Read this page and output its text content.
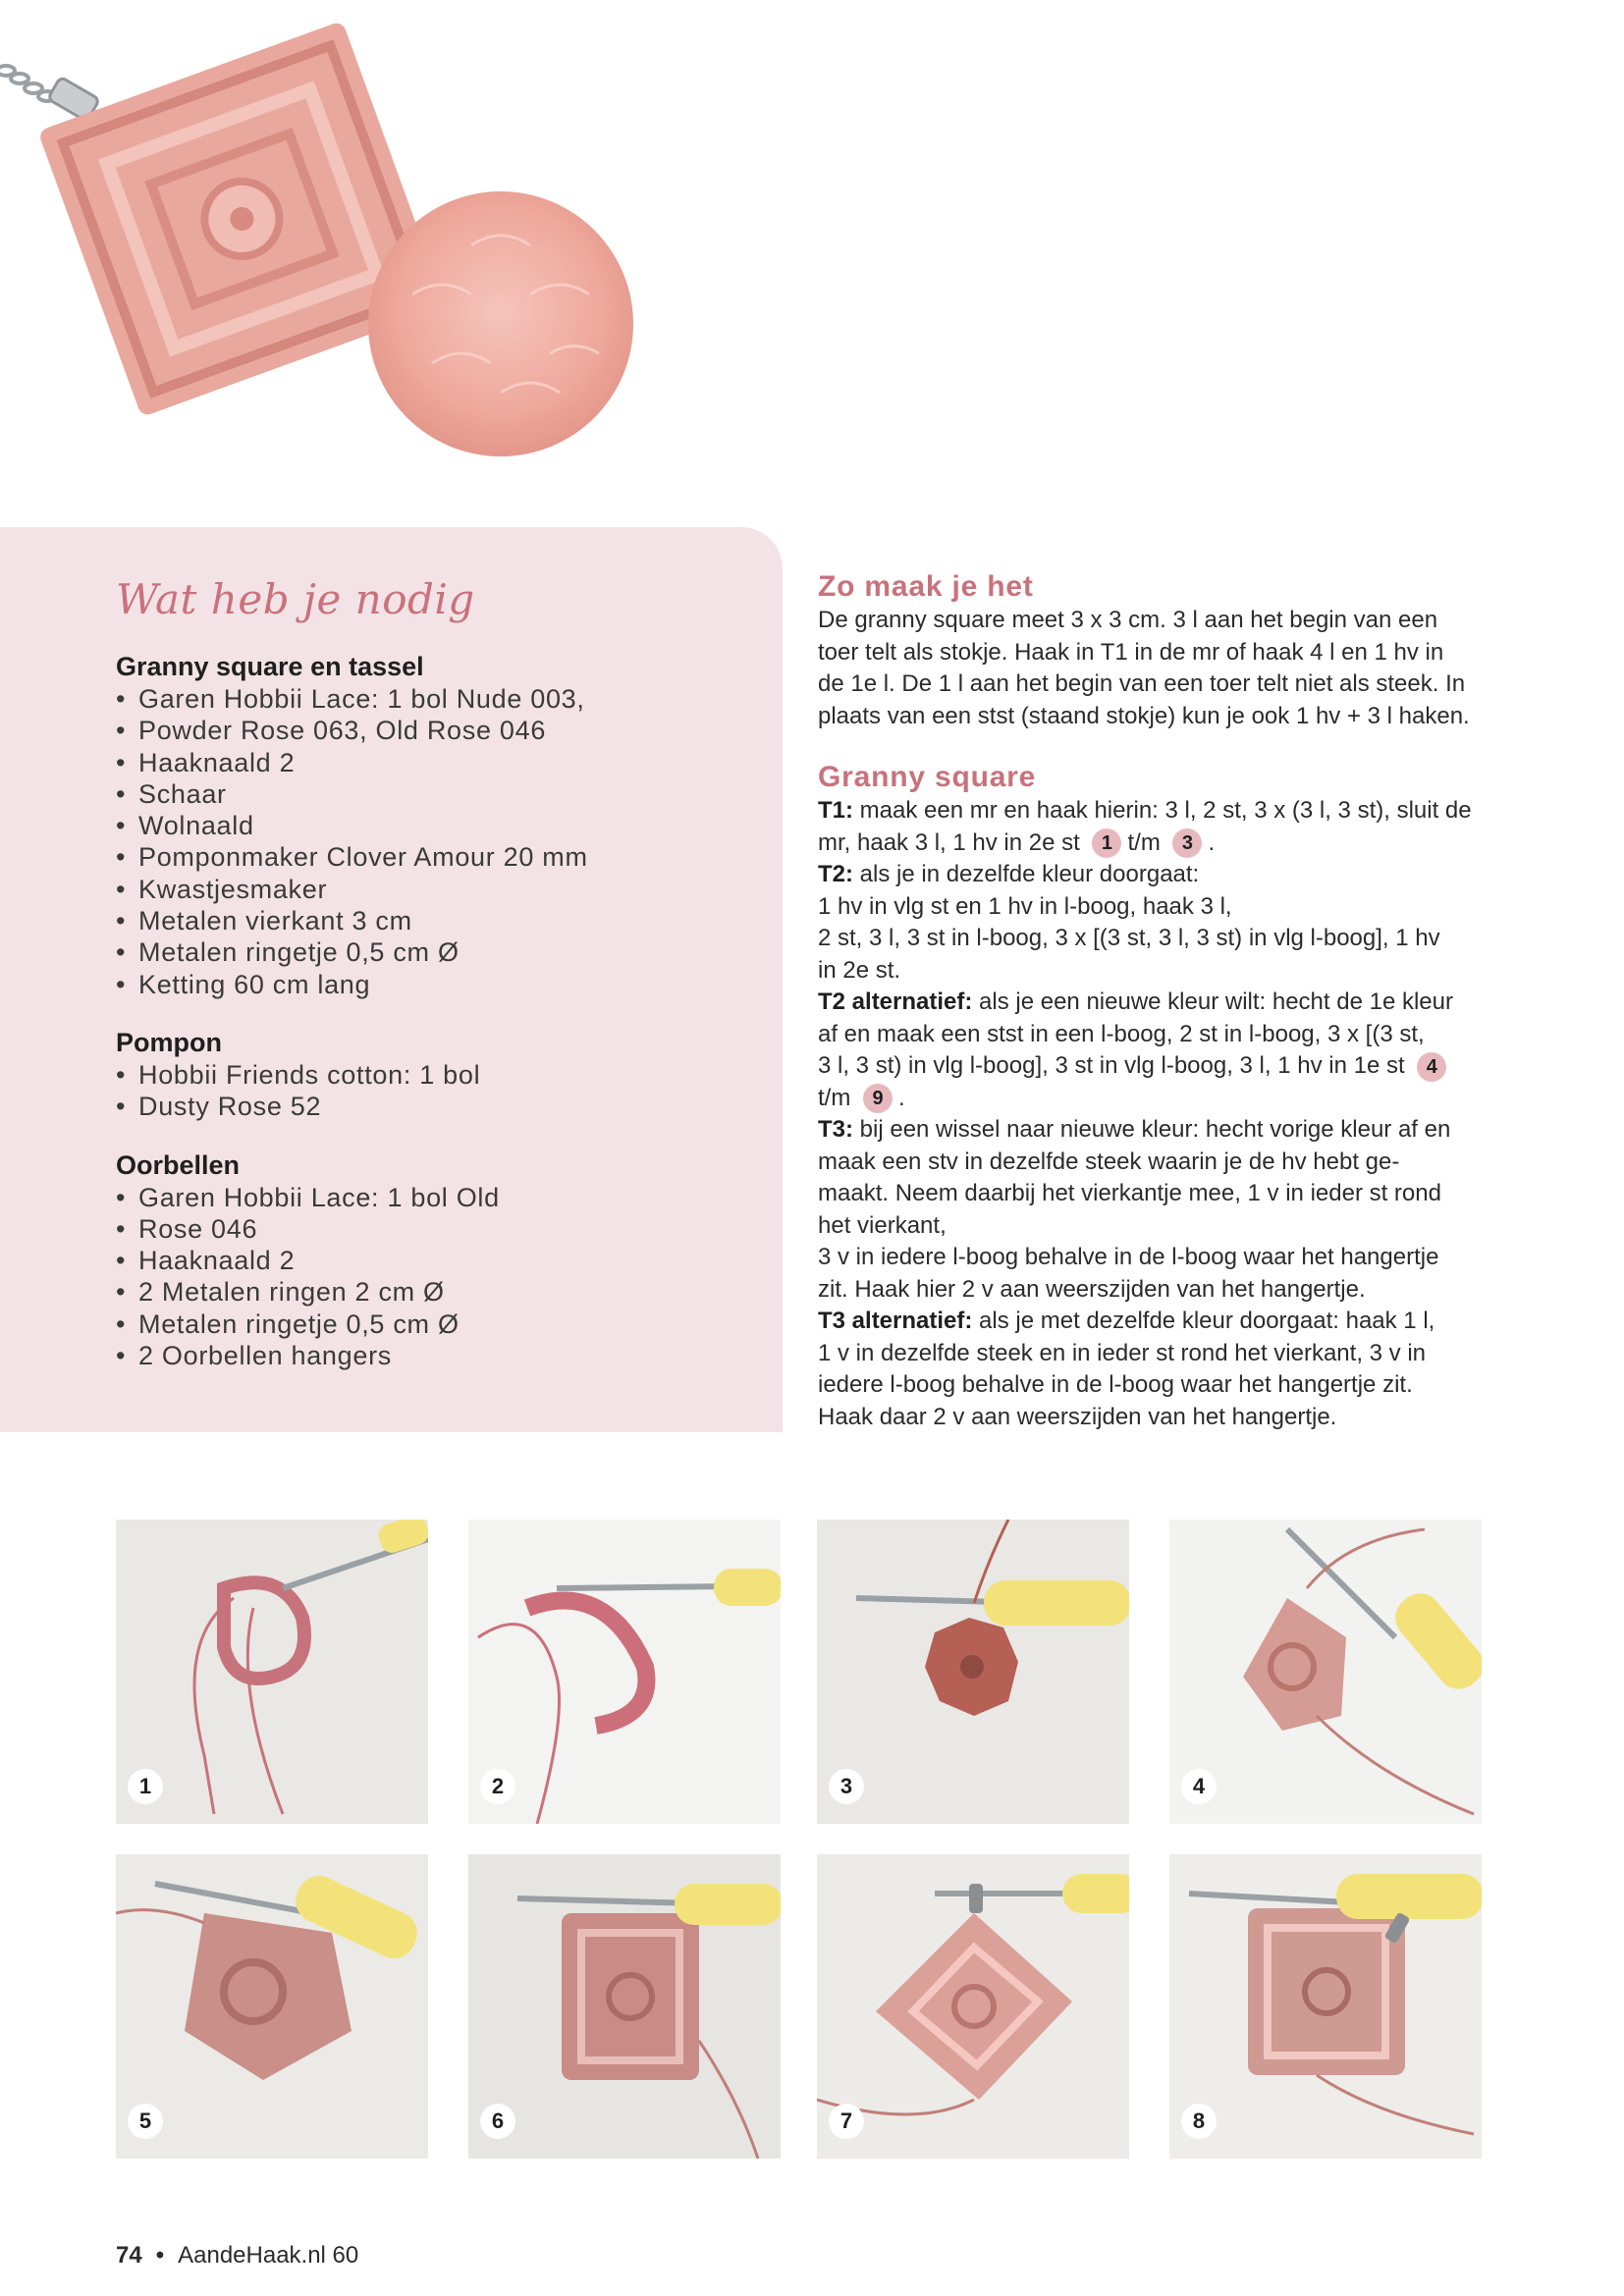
Wat heb je nodig

Granny square en tassel

• Garen Hobbii Lace: 1 bol Nude 003,
• Powder Rose 063, Old Rose 046
• Haaknaald 2
• Schaar
• Wolnaald
• Pomponmaker Clover Amour 20 mm
• Kwastjesmaker
• Metalen vierkant 3 cm
• Metalen ringetje 0,5 cm Ø
• Ketting 60 cm lang

Pompon

• Hobbii Friends cotton: 1 bol
• Dusty Rose 52

Oorbellen

• Garen Hobbii Lace: 1 bol Old
• Rose 046
• Haaknaald 2
• 2 Metalen ringen 2 cm Ø
• Metalen ringetje 0,5 cm Ø
• 2 Oorbellen hangers
Zo maak je het

De granny square meet 3 x 3 cm. 3 l aan het begin van een

toer telt als stokje. Haak in T1 in de mr of haak 4 l en 1 hv in

de 1e l. De 1 l aan het begin van een toer telt niet als steek. In

plaats van een stst (staand stokje) kun je ook 1 hv + 3 l haken.

Granny square

T1: maak een mr en haak hierin: 3 l, 2 st, 3 x (3 l, 3 st), sluit de

mr, haak 3 l, 1 hv in 2e st 1 t/m 3 .

T2: als je in dezelfde kleur doorgaat:

1 hv in vlg st en 1 hv in l-boog, haak 3 l,

2 st, 3 l, 3 st in l-boog, 3 x [(3 st, 3 l, 3 st) in vlg l-boog], 1 hv

in 2e st.

T2 alternatief: als je een nieuwe kleur wilt: hecht de 1e kleur

af en maak een stst in een l-boog, 2 st in l-boog, 3 x [(3 st,

3 l, 3 st) in vlg l-boog], 3 st in vlg l-boog, 3 l, 1 hv in 1e st 4

t/m 9 .

T3: bij een wissel naar nieuwe kleur: hecht vorige kleur af en

maak een stv in dezelfde steek waarin je de hv hebt ge-

maakt. Neem daarbij het vierkantje mee, 1 v in ieder st rond

het vierkant,

3 v in iedere l-boog behalve in de l-boog waar het hangertje

zit. Haak hier 2 v aan weerszijden van het hangertje.

T3 alternatief: als je met dezelfde kleur doorgaat: haak 1 l,

1 v in dezelfde steek en in ieder st rond het vierkant, 3 v in

iedere l-boog behalve in de l-boog waar het hangertje zit.

Haak daar 2 v aan weerszijden van het hangertje.

1	2	3	4
5	6	7	8
74 • AandeHaak.nl 60
